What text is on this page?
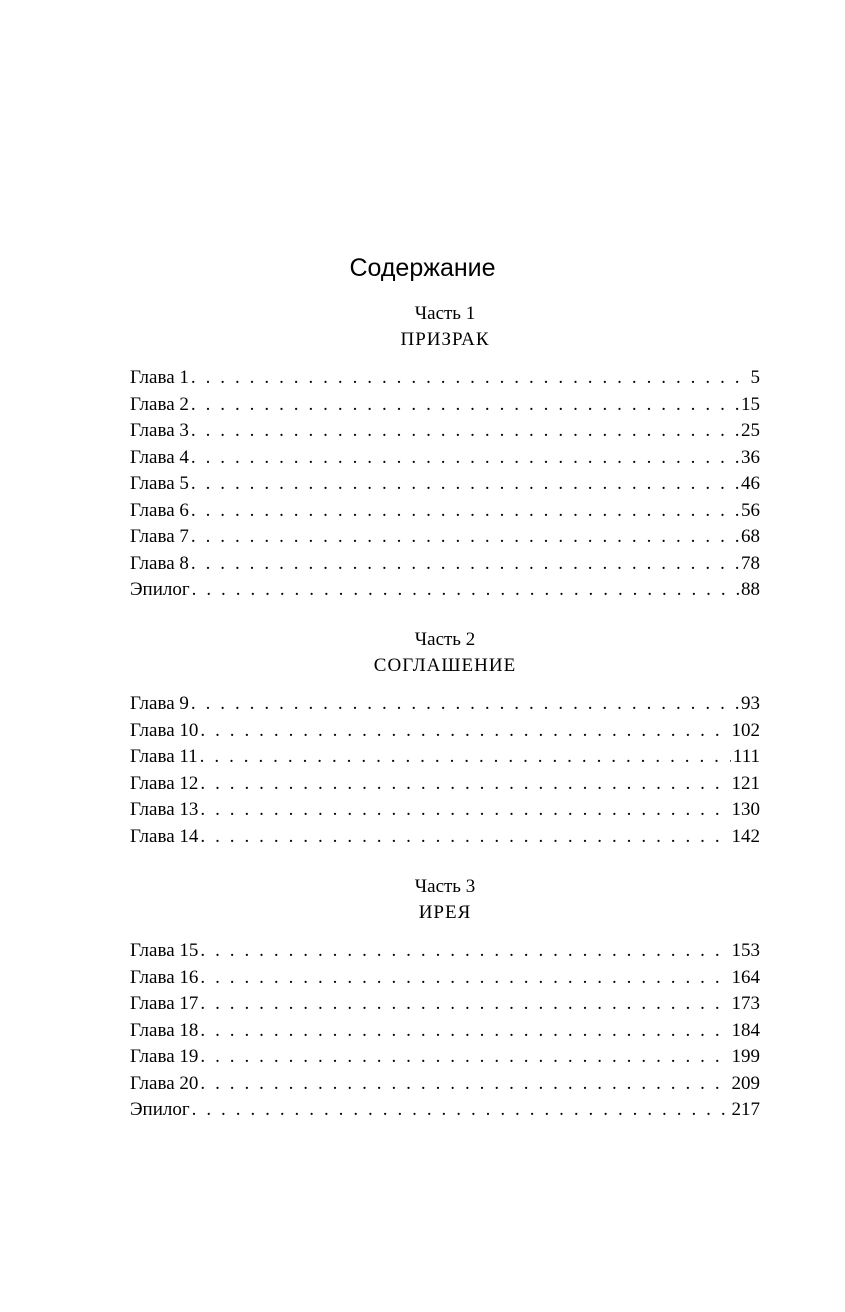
Содержание
Часть 1
ПРИЗРАК
Глава 1 . . .	5
Глава 2 . . .	15
Глава 3 . . .	25
Глава 4 . . .	36
Глава 5 . . .	46
Глава 6 . . .	56
Глава 7 . . .	68
Глава 8 . . .	78
Эпилог . . .	88
Часть 2
СОГЛАШЕНИЕ
Глава 9 . . .	93
Глава 10 . . .	102
Глава 11 . . .	111
Глава 12 . . .	121
Глава 13 . . .	130
Глава 14 . . .	142
Часть 3
ИРЕЯ
Глава 15 . . .	153
Глава 16 . . .	164
Глава 17 . . .	173
Глава 18 . . .	184
Глава 19 . . .	199
Глава 20 . . .	209
Эпилог . . .	217
